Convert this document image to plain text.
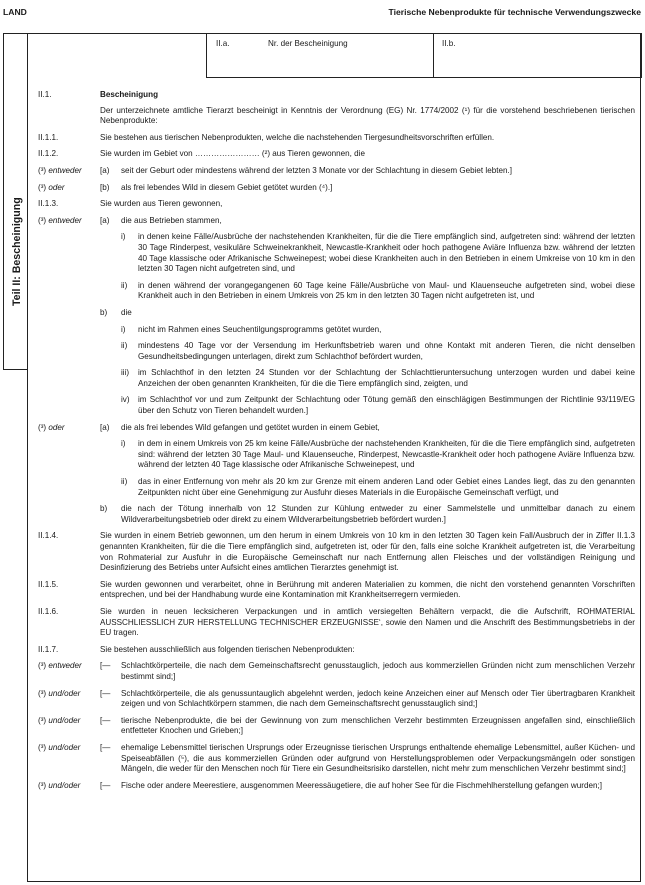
LAND	Tierische Nebenprodukte für technische Verwendungszwecke
Teil II: Bescheinigung
II.a.	Nr. der Bescheinigung	II.b.
II.1.	Bescheinigung
Der unterzeichnete amtliche Tierarzt bescheinigt in Kenntnis der Verordnung (EG) Nr. 1774/2002 (¹) für die vorstehend beschriebenen tierischen Nebenprodukte:
II.1.1.	Sie bestehen aus tierischen Nebenprodukten, welche die nachstehenden Tiergesundheitsvorschriften erfüllen.
II.1.2.	Sie wurden im Gebiet von …………………… (²) aus Tieren gewonnen, die
(³) entweder	[a)	seit der Geburt oder mindestens während der letzten 3 Monate vor der Schlachtung in diesem Gebiet lebten.]
(³) oder	[b)	als frei lebendes Wild in diesem Gebiet getötet wurden (⁴).]
II.1.3.	Sie wurden aus Tieren gewonnen,
(³) entweder	[a)	die aus Betrieben stammen,
i)	in denen keine Fälle/Ausbrüche der nachstehenden Krankheiten, für die die Tiere empfänglich sind, aufgetreten sind: während der letzten 30 Tage Rinderpest, vesikuläre Schweinekrankheit, Newcastle-Krankheit oder hoch pathogene Aviäre Influenza bzw. während der letzten 40 Tage klassische oder Afrikanische Schweinepest; wobei diese Krankheiten auch in den Betrieben in einem Umkreise von 10 km in den letzten 30 Tagen nicht aufgetreten sind, und
ii)	in denen während der vorangegangenen 60 Tage keine Fälle/Ausbrüche von Maul- und Klauenseuche aufgetreten sind, wobei diese Krankheit auch in den Betrieben in einem Umkreis von 25 km in den letzten 30 Tagen nicht aufgetreten ist, und
b)	die
i)	nicht im Rahmen eines Seuchentilgungsprogramms getötet wurden,
ii)	mindestens 40 Tage vor der Versendung im Herkunftsbetrieb waren und ohne Kontakt mit anderen Tieren, die nicht denselben Gesundheitsbedingungen unterlagen, direkt zum Schlachthof befördert wurden,
iii)	im Schlachthof in den letzten 24 Stunden vor der Schlachtung der Schlachttieruntersuchung unterzogen wurden und dabei keine Anzeichen der oben genannten Krankheiten, für die die Tiere empfänglich sind, zeigten, und
iv)	im Schlachthof vor und zum Zeitpunkt der Schlachtung oder Tötung gemäß den einschlägigen Bestimmungen der Richtlinie 93/119/EG über den Schutz von Tieren behandelt wurden.]
(³) oder	[a)	die als frei lebendes Wild gefangen und getötet wurden in einem Gebiet,
i)	in dem in einem Umkreis von 25 km keine Fälle/Ausbrüche der nachstehenden Krankheiten, für die die Tiere empfänglich sind, aufgetreten sind: während der letzten 30 Tage Maul- und Klauenseuche, Rinderpest, Newcastle-Krankheit oder hoch pathogene Aviäre Influenza bzw. während der letzten 40 Tage klassische oder Afrikanische Schweinepest, und
ii)	das in einer Entfernung von mehr als 20 km zur Grenze mit einem anderen Land oder Gebiet eines Landes liegt, das zu den genannten Zeitpunkten nicht über eine Genehmigung zur Ausfuhr dieses Materials in die Europäische Gemeinschaft verfügt, und
b)	die nach der Tötung innerhalb von 12 Stunden zur Kühlung entweder zu einer Sammelstelle und unmittelbar danach zu einem Wildverarbeitungsbetrieb oder direkt zu einem Wildverarbeitungsbetrieb befördert wurden.]
II.1.4.	Sie wurden in einem Betrieb gewonnen, um den herum in einem Umkreis von 10 km in den letzten 30 Tagen kein Fall/Ausbruch der in Ziffer II.1.3 genannten Krankheiten, für die die Tiere empfänglich sind, aufgetreten ist, oder für den, falls eine solche Krankheit aufgetreten ist, die Verarbeitung von Rohmaterial zur Ausfuhr in die Europäische Gemeinschaft nur nach Entfernung allen Fleisches und der vollständigen Reinigung und Desinfizierung des Betriebs unter Aufsicht eines amtlichen Tierarztes genehmigt ist.
II.1.5.	Sie wurden gewonnen und verarbeitet, ohne in Berührung mit anderen Materialien zu kommen, die nicht den vorstehend genannten Vorschriften entsprechen, und bei der Handhabung wurde eine Kontamination mit Krankheitserregern vermieden.
II.1.6.	Sie wurden in neuen lecksicheren Verpackungen und in amtlich versiegelten Behältern verpackt, die die Aufschrift, ROHMATERIAL AUSSCHLIESSLICH ZUR HERSTELLUNG TECHNISCHER ERZEUGNISSE‘, sowie den Namen und die Anschrift des Bestimmungsbetriebs in der EU tragen.
II.1.7.	Sie bestehen ausschließlich aus folgenden tierischen Nebenprodukten:
(³) entweder	[—	Schlachtkörperteile, die nach dem Gemeinschaftsrecht genusstauglich, jedoch aus kommerziellen Gründen nicht zum menschlichen Verzehr bestimmt sind;]
(³) und/oder	[—	Schlachtkörperteile, die als genussuntauglich abgelehnt werden, jedoch keine Anzeichen einer auf Mensch oder Tier übertragbaren Krankheit zeigen und von Schlachtkörpern stammen, die nach dem Gemeinschaftsrecht genusstauglich sind;]
(³) und/oder	[—	tierische Nebenprodukte, die bei der Gewinnung von zum menschlichen Verzehr bestimmten Erzeugnissen angefallen sind, einschließlich entfetteter Knochen und Grieben;]
(³) und/oder	[—	ehemalige Lebensmittel tierischen Ursprungs oder Erzeugnisse tierischen Ursprungs enthaltende ehemalige Lebensmittel, außer Küchen- und Speiseabfällen (⁵), die aus kommerziellen Gründen oder aufgrund von Herstellungsproblemen oder Verpackungsmängeln oder sonstigen Mängeln, die weder für den Menschen noch für Tiere ein Gesundheitsrisiko darstellen, nicht mehr zum menschlichen Verzehr bestimmt sind;]
(³) und/oder	[—	Fische oder andere Meerestiere, ausgenommen Meeressäugetiere, die auf hoher See für die Fischmehlherstellung gefangen wurden;]
